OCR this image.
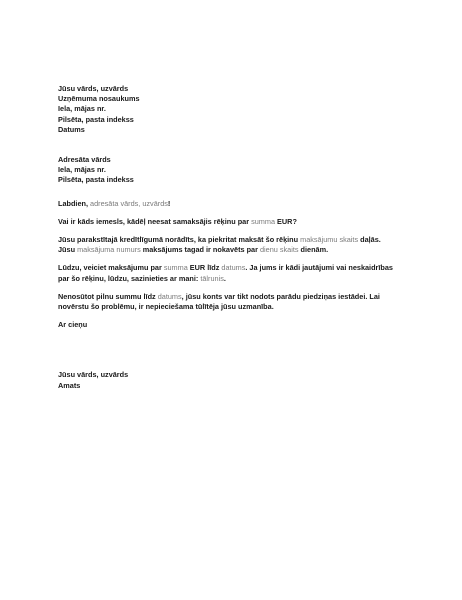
Jūsu vārds, uzvārds
Uzņēmuma nosaukums
Iela, mājas nr.
Pilsēta, pasta indekss
Datums
Adresāta vārds
Iela, mājas nr.
Pilsēta, pasta indekss

Labdien, adresāta vārds, uzvārds!

Vai ir kāds iemesls, kādēļ neesat samaksājis rēķinu par summa EUR?

Jūsu parakstītajā kredītlīgumā norādīts, ka piekritat maksāt šo rēķinu maksājumu skaits daļās.
Jūsu maksājuma numurs maksājums tagad ir nokavēts par dienu skaits dienām.

Lūdzu, veiciet maksājumu par summa EUR līdz datums. Ja jums ir kādi jautājumi vai neskaidrības
par šo rēķinu, lūdzu, sazinieties ar mani: tālrunis.

Nenosūtot pilnu summu līdz datums, jūsu konts var tikt nodots parādu piedziņas iestādei. Lai
novērstu šo problēmu, ir nepieciešama tūlītēja jūsu uzmanība.

Ar cieņu

Jūsu vārds, uzvārds
Amats
